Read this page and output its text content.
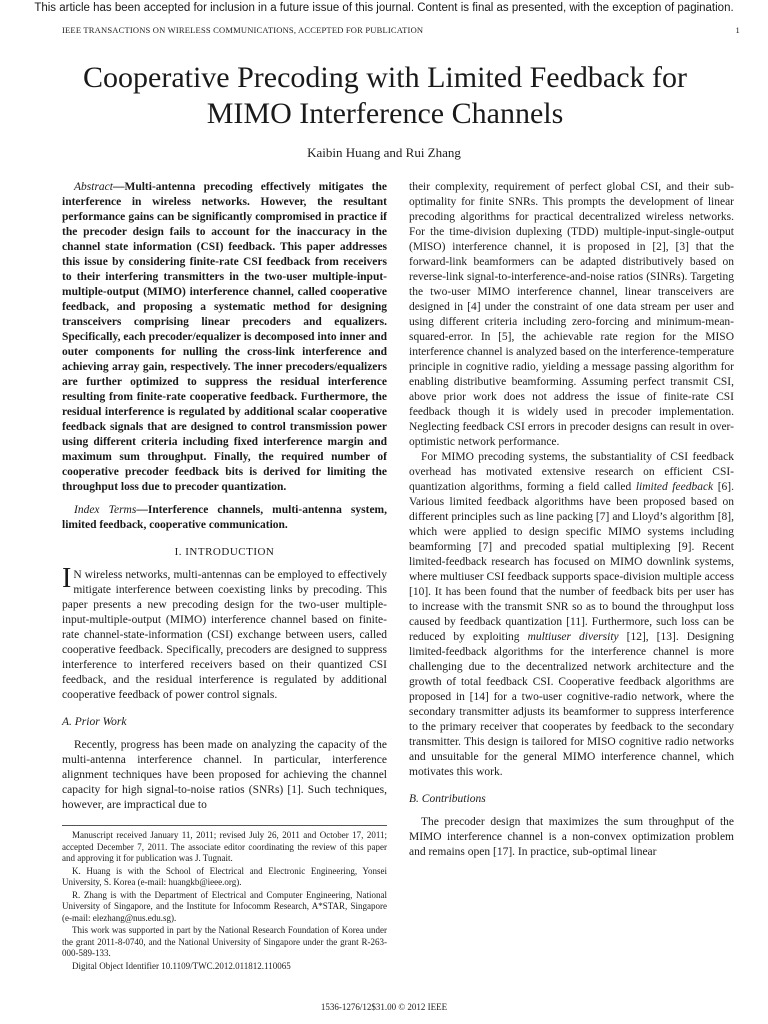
This article has been accepted for inclusion in a future issue of this journal. Content is final as presented, with the exception of pagination.
IEEE TRANSACTIONS ON WIRELESS COMMUNICATIONS, ACCEPTED FOR PUBLICATION	1
Cooperative Precoding with Limited Feedback for MIMO Interference Channels
Kaibin Huang and Rui Zhang

Abstract—Multi-antenna precoding effectively mitigates the interference in wireless networks. However, the resultant performance gains can be significantly compromised in practice if the precoder design fails to account for the inaccuracy in the channel state information (CSI) feedback. This paper addresses this issue by considering finite-rate CSI feedback from receivers to their interfering transmitters in the two-user multiple-input-multiple-output (MIMO) interference channel, called cooperative feedback, and proposing a systematic method for designing transceivers comprising linear precoders and equalizers. Specifically, each precoder/equalizer is decomposed into inner and outer components for nulling the cross-link interference and achieving array gain, respectively. The inner precoders/equalizers are further optimized to suppress the residual interference resulting from finite-rate cooperative feedback. Furthermore, the residual interference is regulated by additional scalar cooperative feedback signals that are designed to control transmission power using different criteria including fixed interference margin and maximum sum throughput. Finally, the required number of cooperative precoder feedback bits is derived for limiting the throughput loss due to precoder quantization.

Index Terms—Interference channels, multi-antenna system, limited feedback, cooperative communication.

I. INTRODUCTION

I N wireless networks, multi-antennas can be employed to effectively mitigate interference between coexisting links by precoding. This paper presents a new precoding design for the two-user multiple-input-multiple-output (MIMO) interference channel based on finite-rate channel-state-information (CSI) exchange between users, called cooperative feedback. Specifically, precoders are designed to suppress interference to interfered receivers based on their quantized CSI feedback, and the residual interference is regulated by additional cooperative feedback of power control signals.

A. Prior Work

Recently, progress has been made on analyzing the capacity of the multi-antenna interference channel. In particular, interference alignment techniques have been proposed for achieving the channel capacity for high signal-to-noise ratios (SNRs) [1]. Such techniques, however, are impractical due to

Manuscript received January 11, 2011; revised July 26, 2011 and October 17, 2011; accepted December 7, 2011. The associate editor coordinating the review of this paper and approving it for publication was J. Tugnait.

K. Huang is with the School of Electrical and Electronic Engineering, Yonsei University, S. Korea (e-mail: huangkb@ieee.org).

R. Zhang is with the Department of Electrical and Computer Engineering, National University of Singapore, and the Institute for Infocomm Research, A*STAR, Singapore (e-mail: elezhang@nus.edu.sg).

This work was supported in part by the National Research Foundation of Korea under the grant 2011-8-0740, and the National University of Singapore under the grant R-263-000-589-133.

Digital Object Identifier 10.1109/TWC.2012.011812.110065

their complexity, requirement of perfect global CSI, and their sub-optimality for finite SNRs. This prompts the development of linear precoding algorithms for practical decentralized wireless networks. For the time-division duplexing (TDD) multiple-input-single-output (MISO) interference channel, it is proposed in [2], [3] that the forward-link beamformers can be adapted distributively based on reverse-link signal-to-interference-and-noise ratios (SINRs). Targeting the two-user MIMO interference channel, linear transceivers are designed in [4] under the constraint of one data stream per user and using different criteria including zero-forcing and minimum-mean-squared-error. In [5], the achievable rate region for the MISO interference channel is analyzed based on the interference-temperature principle in cognitive radio, yielding a message passing algorithm for enabling distributive beamforming. Assuming perfect transmit CSI, above prior work does not address the issue of finite-rate CSI feedback though it is widely used in precoder implementation. Neglecting feedback CSI errors in precoder designs can result in over-optimistic network performance.

For MIMO precoding systems, the substantiality of CSI feedback overhead has motivated extensive research on efficient CSI-quantization algorithms, forming a field called limited feedback [6]. Various limited feedback algorithms have been proposed based on different principles such as line packing [7] and Lloyd’s algorithm [8], which were applied to design specific MIMO systems including beamforming [7] and precoded spatial multiplexing [9]. Recent limited-feedback research has focused on MIMO downlink systems, where multiuser CSI feedback supports space-division multiple access [10]. It has been found that the number of feedback bits per user has to increase with the transmit SNR so as to bound the throughput loss caused by feedback quantization [11]. Furthermore, such loss can be reduced by exploiting multiuser diversity [12], [13]. Designing limited-feedback algorithms for the interference channel is more challenging due to the decentralized network architecture and the growth of total feedback CSI. Cooperative feedback algorithms are proposed in [14] for a two-user cognitive-radio network, where the secondary transmitter adjusts its beamformer to suppress interference to the primary receiver that cooperates by feedback to the secondary transmitter. This design is tailored for MISO cognitive radio networks and unsuitable for the general MIMO interference channel, which motivates this work.

B. Contributions

The precoder design that maximizes the sum throughput of the MIMO interference channel is a non-convex optimization problem and remains open [17]. In practice, sub-optimal linear

1536-1276/12$31.00 © 2012 IEEE
